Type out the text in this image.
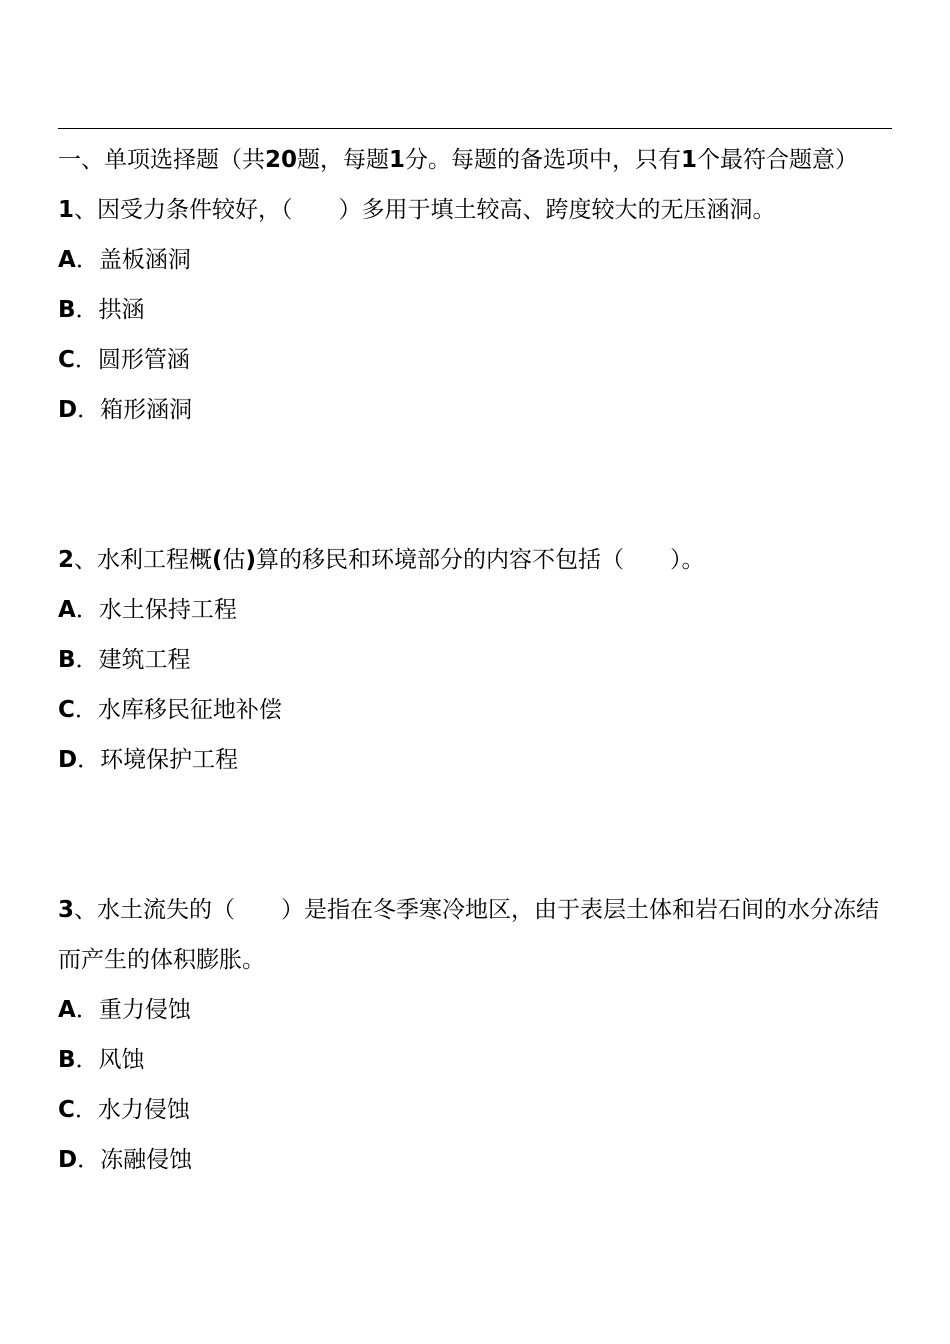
一、单项选择题（共20题，每题1分。每题的备选项中，只有1个最符合题意）

1、因受力条件较好，（　　）多用于填土较高、跨度较大的无压涵洞。

A．盖板涵洞

B．拱涵

C．圆形管涵

D．箱形涵洞

2、水利工程概(估)算的移民和环境部分的内容不包括（　　）。

A．水土保持工程

B．建筑工程

C．水库移民征地补偿

D．环境保护工程

3、水土流失的（　　）是指在冬季寒冷地区，由于表层土体和岩石间的水分冻结而产生的体积膨胀。

A．重力侵蚀

B．风蚀

C．水力侵蚀

D．冻融侵蚀
